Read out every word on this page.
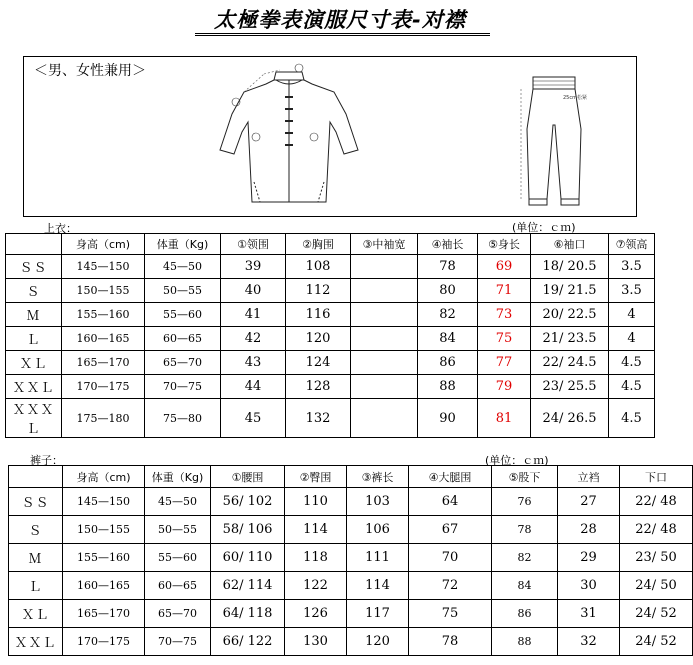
太極拳表演服尺寸表-对襟
＜男、女性兼用＞
25cm松紧
上衣：	(单位：ｃｍ)
	身高（cm)	体重（Kg)	①领围	②胸围	③中袖宽	④袖长	⑤身长	⑥袖口	⑦领高
ＳＳ	145—150	45—50	39	108		78	69	18/ 20.5	3.5
Ｓ	150—155	50—55	40	112		80	71	19/ 21.5	3.5
Ｍ	155—160	55—60	41	116		82	73	20/ 22.5	4
Ｌ	160—165	60—65	42	120		84	75	21/ 23.5	4
ＸＬ	165—170	65—70	43	124		86	77	22/ 24.5	4.5
ＸＸＬ	170—175	70—75	44	128		88	79	23/ 25.5	4.5
ＸＸＸＬ	175—180	75—80	45	132		90	81	24/ 26.5	4.5
裤子：	(单位：ｃｍ)
	身高（cm)	体重（Kg)	①腰围	②臀围	③裤长	④大腿围	⑤股下	立裆	下口
ＳＳ	145—150	45—50	56/ 102	110	103	64	76	27	22/ 48
Ｓ	150—155	50—55	58/ 106	114	106	67	78	28	22/ 48
Ｍ	155—160	55—60	60/ 110	118	111	70	82	29	23/ 50
Ｌ	160—165	60—65	62/ 114	122	114	72	84	30	24/ 50
ＸＬ	165—170	65—70	64/ 118	126	117	75	86	31	24/ 52
ＸＸＬ	170—175	70—75	66/ 122	130	120	78	88	32	24/ 52
